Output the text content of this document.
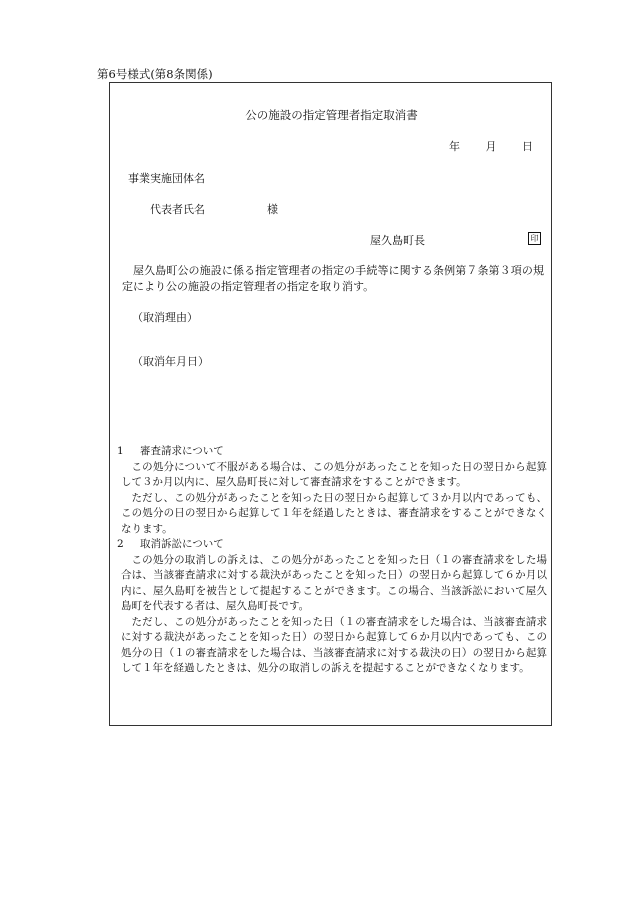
第6号様式(第8条関係)
公の施設の指定管理者指定取消書
年 月 日
事業実施団体名
代表者氏名	様
屋久島町長	印
屋久島町公の施設に係る指定管理者の指定の手続等に関する条例第７条第３項の規定により公の施設の指定管理者の指定を取り消す。
（取消理由）
（取消年月日）
1	審査請求について
この処分について不服がある場合は、この処分があったことを知った日の翌日から起算して３か月以内に、屋久島町長に対して審査請求をすることができます。
ただし、この処分があったことを知った日の翌日から起算して３か月以内であっても、この処分の日の翌日から起算して１年を経過したときは、審査請求をすることができなくなります。
2	取消訴訟について
この処分の取消しの訴えは、この処分があったことを知った日（１の審査請求をした場合は、当該審査請求に対する裁決があったことを知った日）の翌日から起算して６か月以内に、屋久島町を被告として提起することができます。この場合、当該訴訟において屋久島町を代表する者は、屋久島町長です。
ただし、この処分があったことを知った日（１の審査請求をした場合は、当該審査請求に対する裁決があったことを知った日）の翌日から起算して６か月以内であっても、この処分の日（１の審査請求をした場合は、当該審査請求に対する裁決の日）の翌日から起算して１年を経過したときは、処分の取消しの訴えを提起することができなくなります。
